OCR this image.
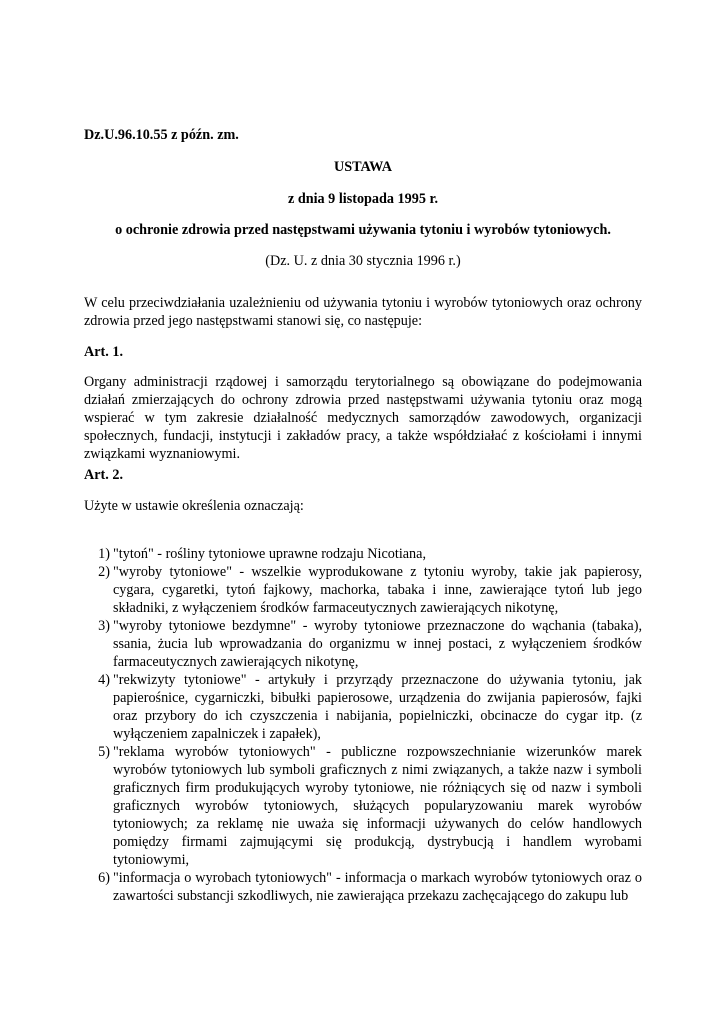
Dz.U.96.10.55 z późn. zm.
USTAWA
z dnia 9 listopada 1995 r.
o ochronie zdrowia przed następstwami używania tytoniu i wyrobów tytoniowych.
(Dz. U. z dnia 30 stycznia 1996 r.)
W celu przeciwdziałania uzależnieniu od używania tytoniu i wyrobów tytoniowych oraz ochrony zdrowia przed jego następstwami stanowi się, co następuje:
Art. 1.
Organy administracji rządowej i samorządu terytorialnego są obowiązane do podejmowania działań zmierzających do ochrony zdrowia przed następstwami używania tytoniu oraz mogą wspierać w tym zakresie działalność medycznych samorządów zawodowych, organizacji społecznych, fundacji, instytucji i zakładów pracy, a także współdziałać z kościołami i innymi związkami wyznaniowymi.
Art. 2.
Użyte w ustawie określenia oznaczają:
1) "tytoń" - rośliny tytoniowe uprawne rodzaju Nicotiana,
2) "wyroby tytoniowe" - wszelkie wyprodukowane z tytoniu wyroby, takie jak papierosy, cygara, cygaretki, tytoń fajkowy, machorka, tabaka i inne, zawierające tytoń lub jego składniki, z wyłączeniem środków farmaceutycznych zawierających nikotynę,
3) "wyroby tytoniowe bezdymne" - wyroby tytoniowe przeznaczone do wąchania (tabaka), ssania, żucia lub wprowadzania do organizmu w innej postaci, z wyłączeniem środków farmaceutycznych zawierających nikotynę,
4) "rekwizyty tytoniowe" - artykuły i przyrządy przeznaczone do używania tytoniu, jak papierośnice, cygarniczki, bibułki papierosowe, urządzenia do zwijania papierosów, fajki oraz przybory do ich czyszczenia i nabijania, popielniczki, obcinacze do cygar itp. (z wyłączeniem zapalniczek i zapałek),
5) "reklama wyrobów tytoniowych" - publiczne rozpowszechnianie wizerunków marek wyrobów tytoniowych lub symboli graficznych z nimi związanych, a także nazw i symboli graficznych firm produkujących wyroby tytoniowe, nie różniących się od nazw i symboli graficznych wyrobów tytoniowych, służących popularyzowaniu marek wyrobów tytoniowych; za reklamę nie uważa się informacji używanych do celów handlowych pomiędzy firmami zajmującymi się produkcją, dystrybucją i handlem wyrobami tytoniowymi,
6) "informacja o wyrobach tytoniowych" - informacja o markach wyrobów tytoniowych oraz o zawartości substancji szkodliwych, nie zawierająca przekazu zachęcającego do zakupu lub
